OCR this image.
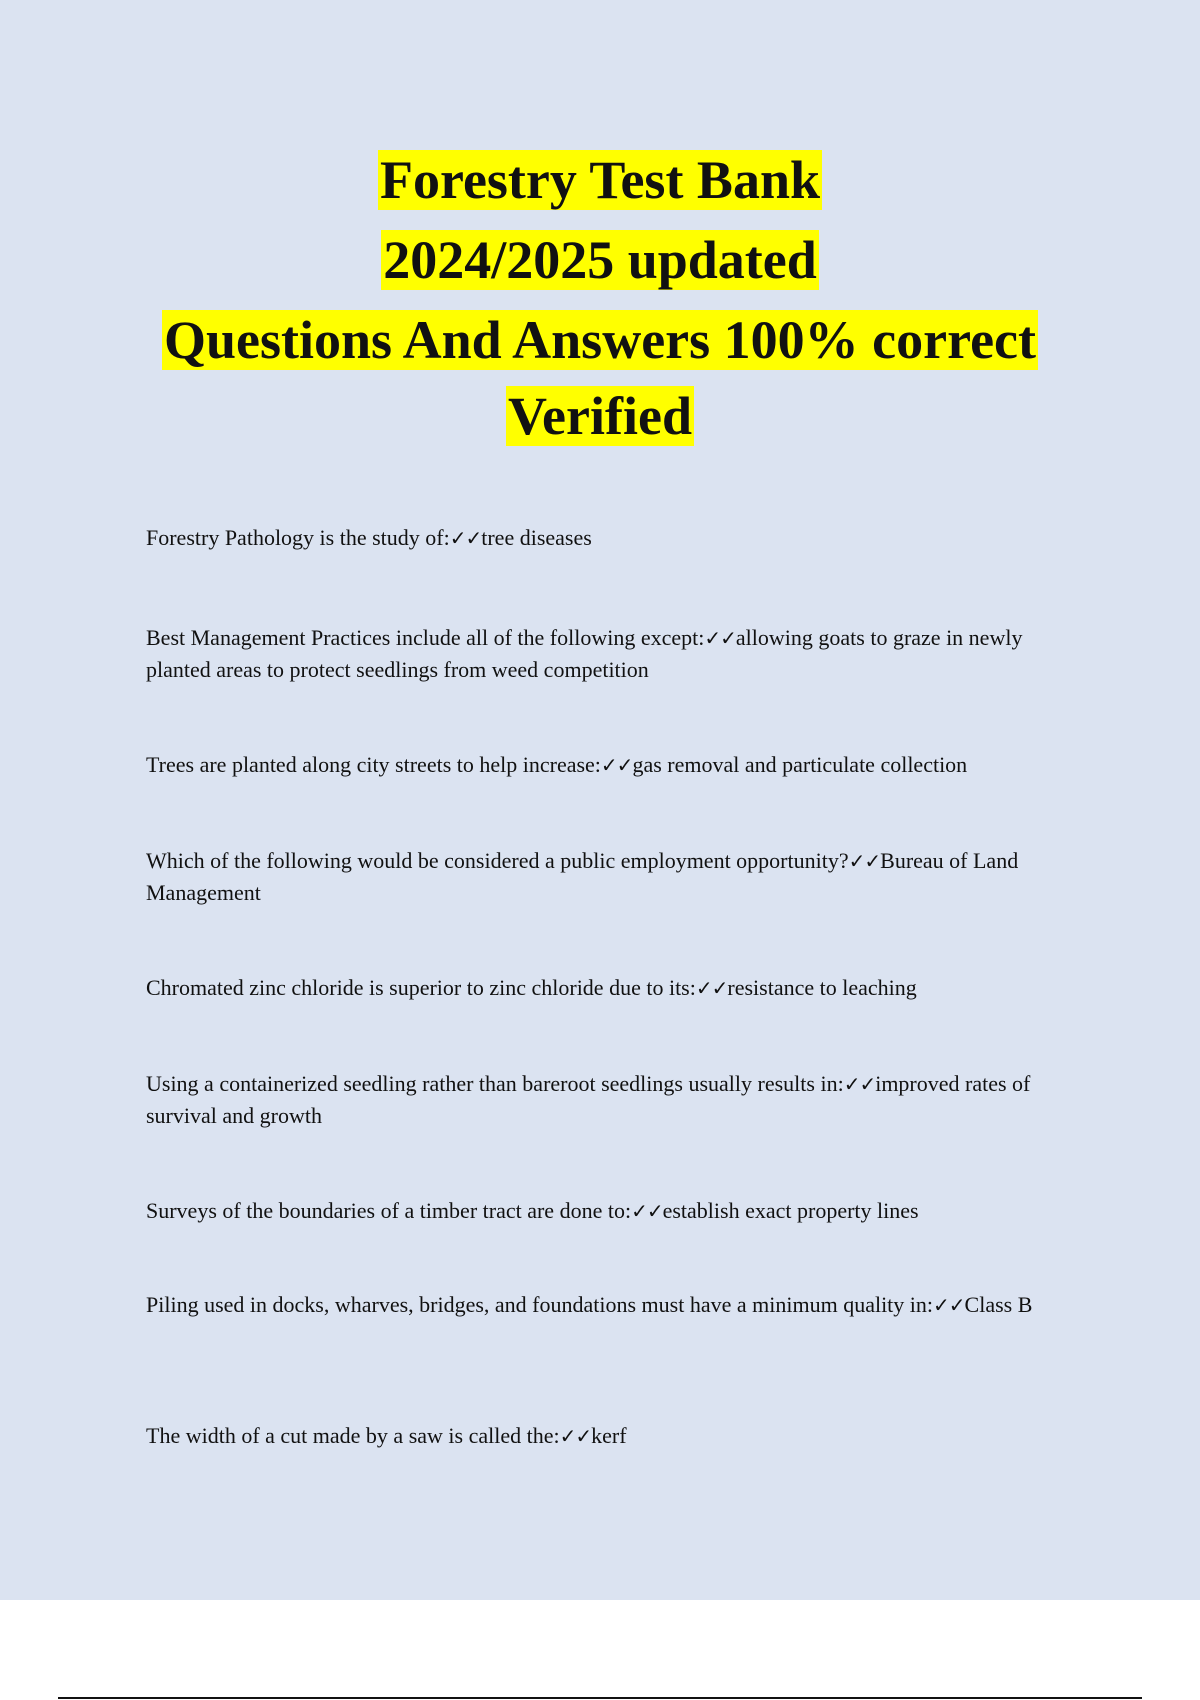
Forestry Test Bank
2024/2025 updated
Questions And Answers 100% correct
Verified

Forestry Pathology is the study of:✓✓tree diseases

Best Management Practices include all of the following except:✓✓allowing goats to graze in newly planted areas to protect seedlings from weed competition

Trees are planted along city streets to help increase:✓✓gas removal and particulate collection

Which of the following would be considered a public employment opportunity?✓✓Bureau of Land Management

Chromated zinc chloride is superior to zinc chloride due to its:✓✓resistance to leaching

Using a containerized seedling rather than bareroot seedlings usually results in:✓✓improved rates of survival and growth

Surveys of the boundaries of a timber tract are done to:✓✓establish exact property lines

Piling used in docks, wharves, bridges, and foundations must have a minimum quality in:✓✓Class B

The width of a cut made by a saw is called the:✓✓kerf
